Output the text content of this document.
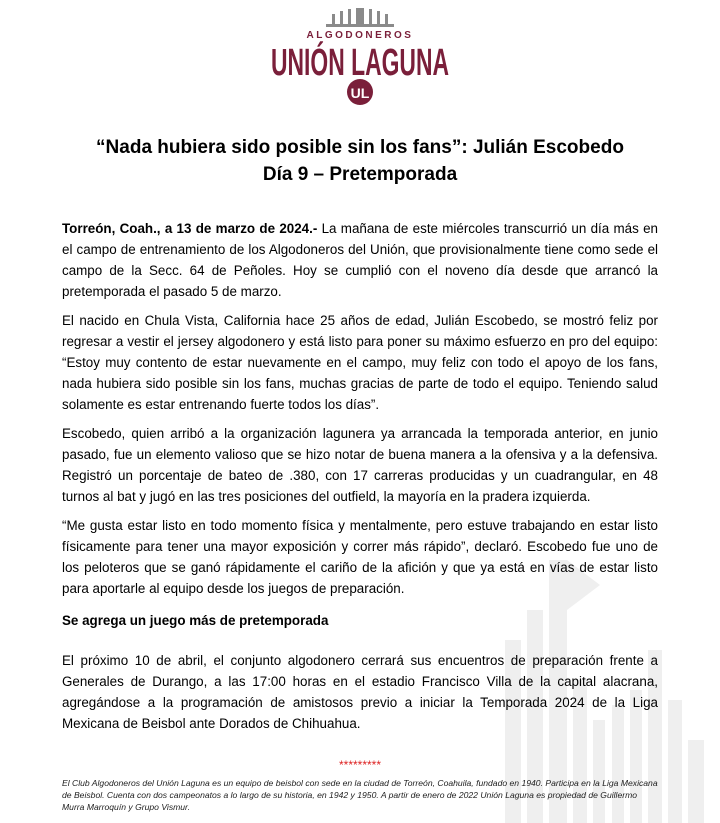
ALGODONEROS
UNIÓN LAGUNA
UL
“Nada hubiera sido posible sin los fans”: Julián Escobedo
Día 9 – Pretemporada

Torreón, Coah., a 13 de marzo de 2024.- La mañana de este miércoles transcurrió un día más en el campo de entrenamiento de los Algodoneros del Unión, que provisionalmente tiene como sede el campo de la Secc. 64 de Peñoles. Hoy se cumplió con el noveno día desde que arrancó la pretemporada el pasado 5 de marzo.

El nacido en Chula Vista, California hace 25 años de edad, Julián Escobedo, se mostró feliz por regresar a vestir el jersey algodonero y está listo para poner su máximo esfuerzo en pro del equipo: “Estoy muy contento de estar nuevamente en el campo, muy feliz con todo el apoyo de los fans, nada hubiera sido posible sin los fans, muchas gracias de parte de todo el equipo. Teniendo salud solamente es estar entrenando fuerte todos los días”.

Escobedo, quien arribó a la organización lagunera ya arrancada la temporada anterior, en junio pasado, fue un elemento valioso que se hizo notar de buena manera a la ofensiva y a la defensiva. Registró un porcentaje de bateo de .380, con 17 carreras producidas y un cuadrangular, en 48 turnos al bat y jugó en las tres posiciones del outfield, la mayoría en la pradera izquierda.

“Me gusta estar listo en todo momento física y mentalmente, pero estuve trabajando en estar listo físicamente para tener una mayor exposición y correr más rápido”, declaró. Escobedo fue uno de los peloteros que se ganó rápidamente el cariño de la afición y que ya está en vías de estar listo para aportarle al equipo desde los juegos de preparación.

Se agrega un juego más de pretemporada

El próximo 10 de abril, el conjunto algodonero cerrará sus encuentros de preparación frente a Generales de Durango, a las 17:00 horas en el estadio Francisco Villa de la capital alacrana, agregándose a la programación de amistosos previo a iniciar la Temporada 2024 de la Liga Mexicana de Beisbol ante Dorados de Chihuahua.

*********

El Club Algodoneros del Unión Laguna es un equipo de beisbol con sede en la ciudad de Torreón, Coahuila, fundado en 1940. Participa en la Liga Mexicana de Beisbol. Cuenta con dos campeonatos a lo largo de su historia, en 1942 y 1950. A partir de enero de 2022 Unión Laguna es propiedad de Guillermo Murra Marroquín y Grupo Vismur.
